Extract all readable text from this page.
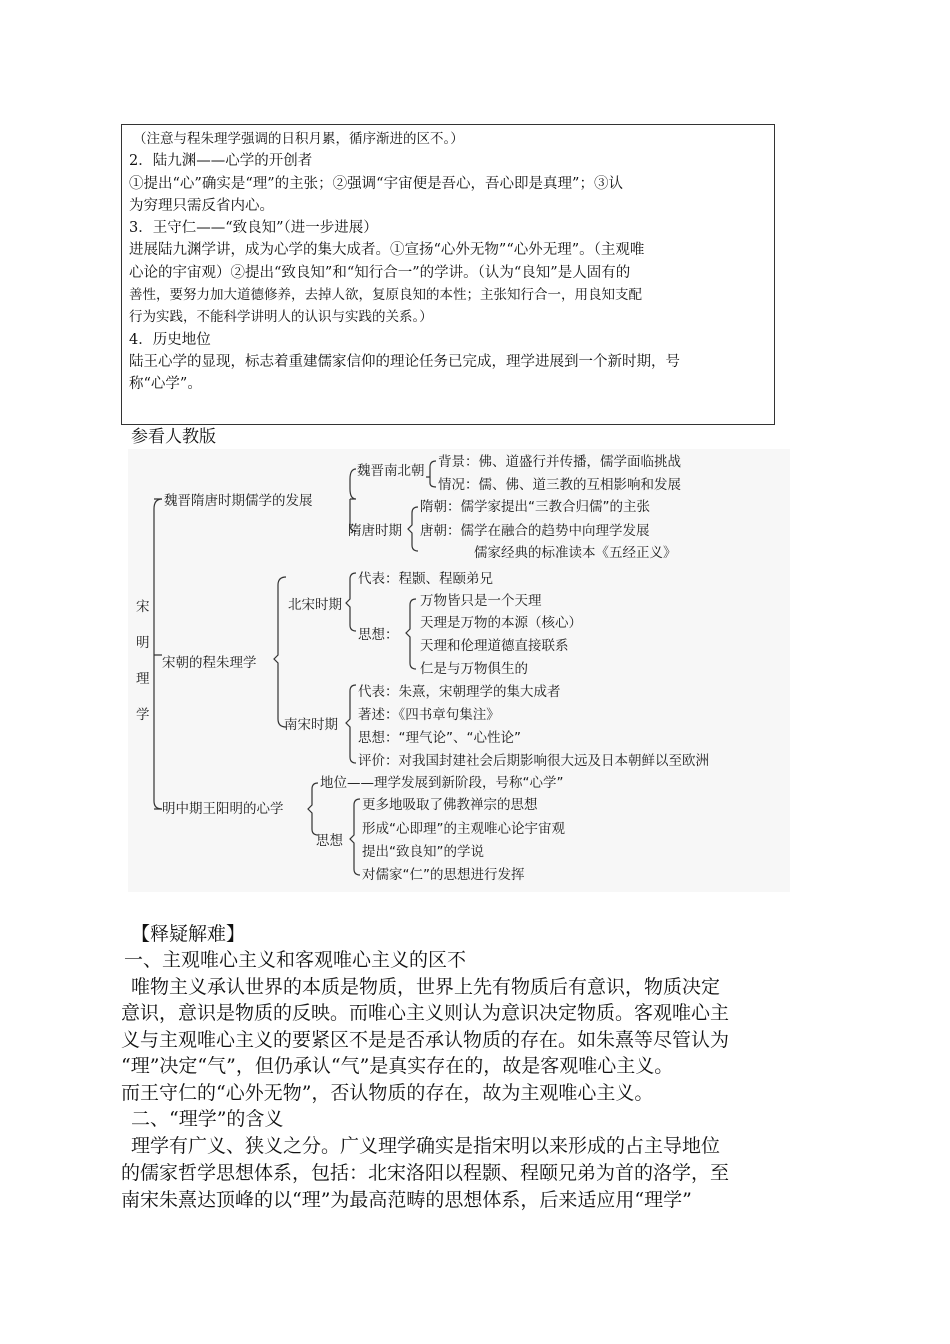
（注意与程朱理学强调的日积月累，循序渐进的区不。）
2．陆九渊——心学的开创者
①提出“心”确实是“理”的主张；②强调“宇宙便是吾心，吾心即是真理”；③认
为穷理只需反省内心。
3．王守仁——“致良知”（进一步进展）
进展陆九渊学讲，成为心学的集大成者。①宣扬“心外无物”“心外无理”。（主观唯
心论的宇宙观）②提出“致良知”和“知行合一”的学讲。（认为“良知”是人固有的
善性，要努力加大道德修养，去掉人欲，复原良知的本性；主张知行合一，用良知支配
行为实践，不能科学讲明人的认识与实践的关系。）
4．历史地位
陆王心学的显现，标志着重建儒家信仰的理论任务已完成，理学进展到一个新时期，号
称“心学”。
参看人教版
宋
明
理
学
魏晋隋唐时期儒学的发展
魏晋南北朝
背景：佛、道盛行并传播，儒学面临挑战
情况：儒、佛、道三教的互相影响和发展
隋唐时期
隋朝：儒学家提出“三教合归儒”的主张
唐朝：儒学在融合的趋势中向理学发展
儒家经典的标准读本《五经正义》
宋朝的程朱理学
北宋时期
代表：程颢、程颐弟兄
思想：
万物皆只是一个天理
天理是万物的本源（核心）
天理和伦理道德直接联系
仁是与万物俱生的
南宋时期
代表：朱熹，宋朝理学的集大成者
著述：《四书章句集注》
思想：“理气论”、“心性论”
评价：对我国封建社会后期影响很大远及日本朝鲜以至欧洲
明中期王阳明的心学
地位——理学发展到新阶段，号称“心学”
思想
更多地吸取了佛教禅宗的思想
形成“心即理”的主观唯心论宇宙观
提出“致良知”的学说
对儒家“仁”的思想进行发挥
【释疑解难】
一、主观唯心主义和客观唯心主义的区不
唯物主义承认世界的本质是物质，世界上先有物质后有意识，物质决定
意识，意识是物质的反映。而唯心主义则认为意识决定物质。客观唯心主
义与主观唯心主义的要紧区不是是否承认物质的存在。如朱熹等尽管认为
“理”决定“气”，但仍承认“气”是真实存在的，故是客观唯心主义。
而王守仁的“心外无物”，否认物质的存在，故为主观唯心主义。
二、“理学”的含义
理学有广义、狭义之分。广义理学确实是指宋明以来形成的占主导地位
的儒家哲学思想体系，包括：北宋洛阳以程颢、程颐兄弟为首的洛学，至
南宋朱熹达顶峰的以“理”为最高范畴的思想体系，后来适应用“理学”
